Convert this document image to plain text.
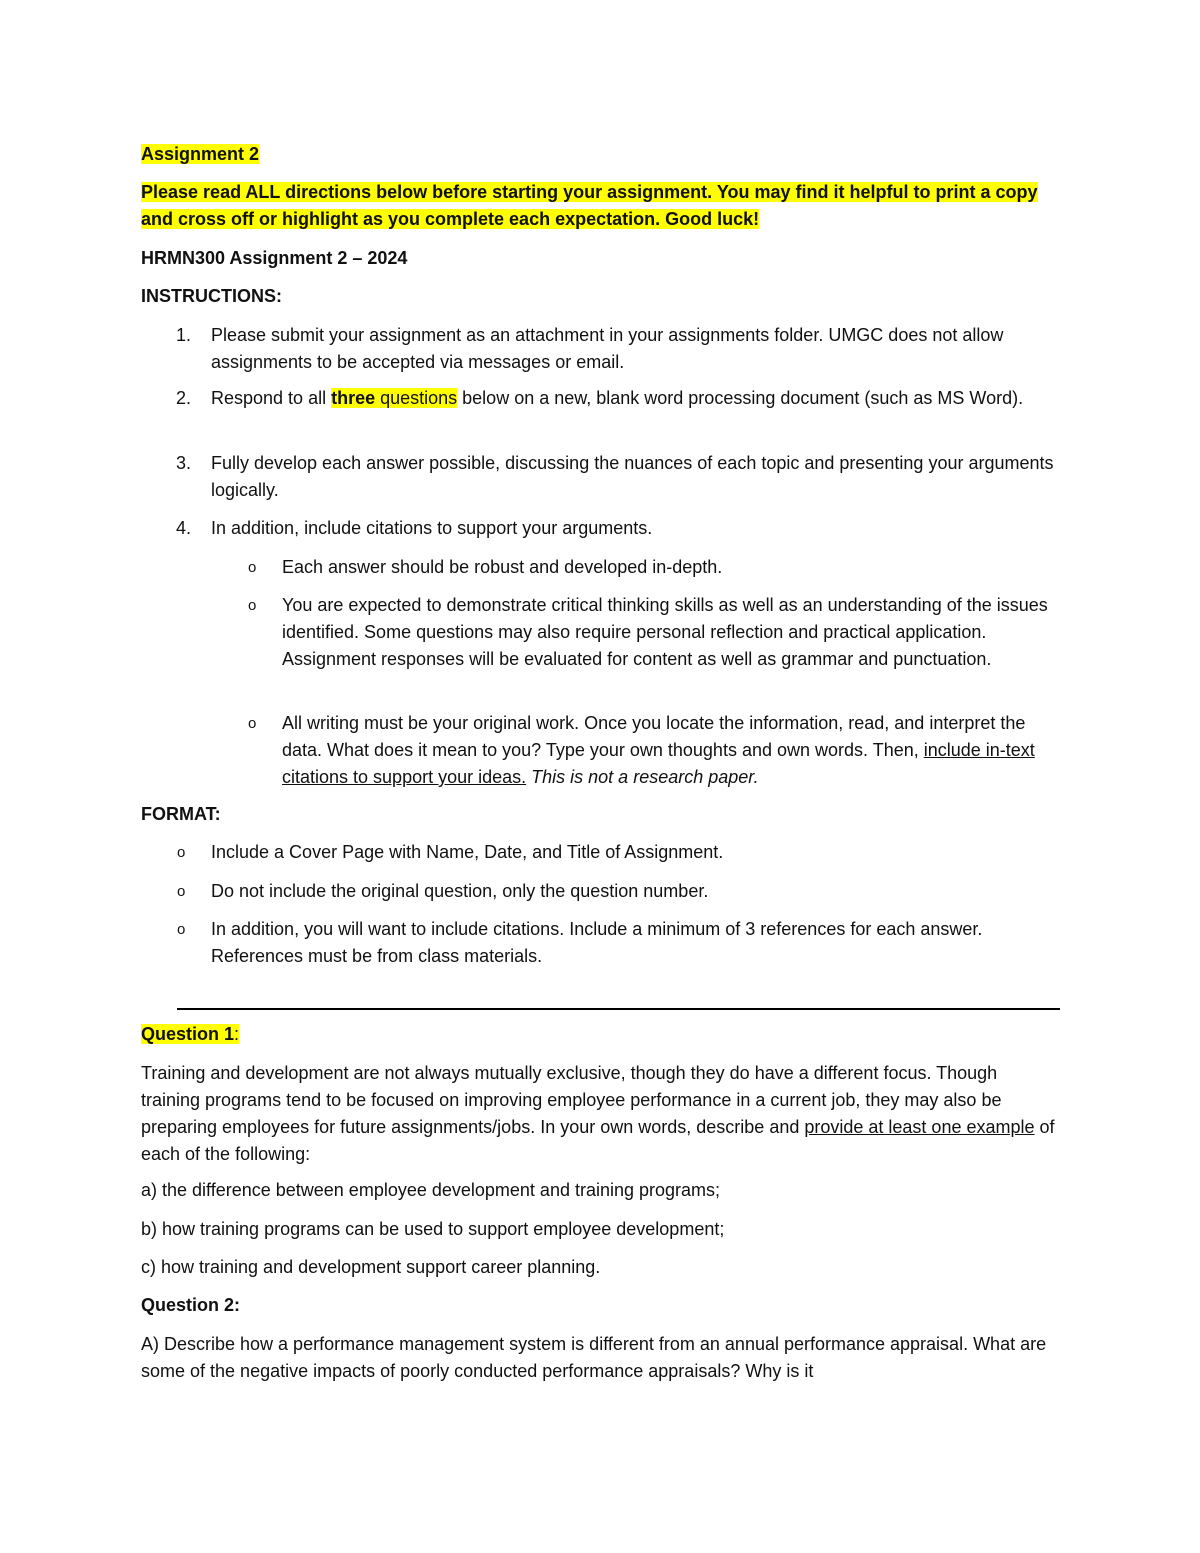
Assignment 2
Please read ALL directions below before starting your assignment. You may find it helpful to print a copy and cross off or highlight as you complete each expectation. Good luck!
HRMN300 Assignment 2 – 2024
INSTRUCTIONS:
1.	Please submit your assignment as an attachment in your assignments folder. UMGC does not allow assignments to be accepted via messages or email.
2.	Respond to all three questions below on a new, blank word processing document (such as MS Word).
3.	Fully develop each answer possible, discussing the nuances of each topic and presenting your arguments logically.
4.	In addition, include citations to support your arguments.
o Each answer should be robust and developed in-depth.
o You are expected to demonstrate critical thinking skills as well as an understanding of the issues identified. Some questions may also require personal reflection and practical application. Assignment responses will be evaluated for content as well as grammar and punctuation.
o All writing must be your original work. Once you locate the information, read, and interpret the data. What does it mean to you? Type your own thoughts and own words. Then, include in-text citations to support your ideas. This is not a research paper.
FORMAT:
o Include a Cover Page with Name, Date, and Title of Assignment.
o Do not include the original question, only the question number.
o In addition, you will want to include citations. Include a minimum of 3 references for each answer. References must be from class materials.
Question 1:
Training and development are not always mutually exclusive, though they do have a different focus. Though training programs tend to be focused on improving employee performance in a current job, they may also be preparing employees for future assignments/jobs. In your own words, describe and provide at least one example of each of the following:
a) the difference between employee development and training programs;
b) how training programs can be used to support employee development;
c) how training and development support career planning.
Question 2:
A) Describe how a performance management system is different from an annual performance appraisal. What are some of the negative impacts of poorly conducted performance appraisals? Why is it
